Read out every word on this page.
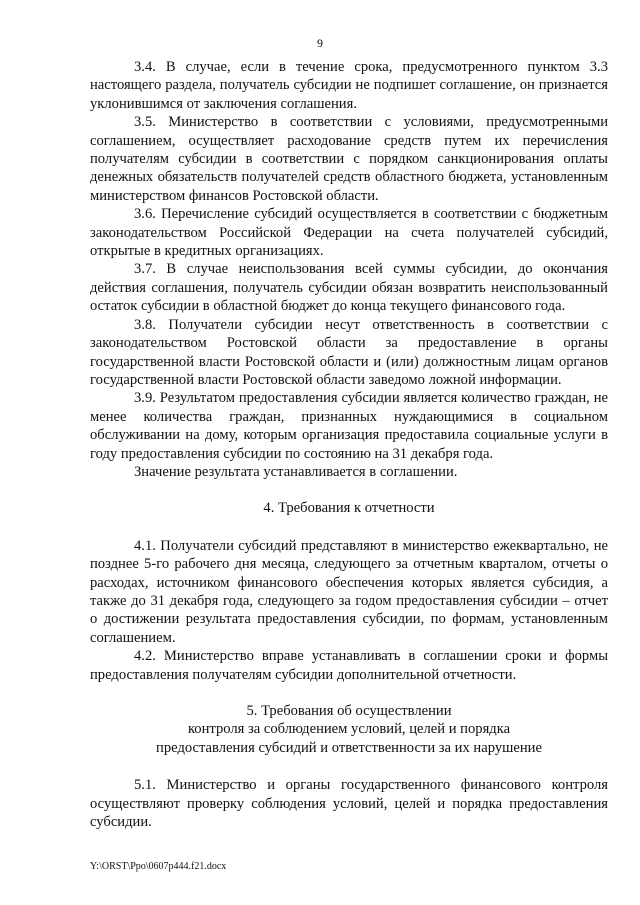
9

3.4. В случае, если в течение срока, предусмотренного пунктом 3.3 настоящего раздела, получатель субсидии не подпишет соглашение, он признается уклонившимся от заключения соглашения.

3.5. Министерство в соответствии с условиями, предусмотренными соглашением, осуществляет расходование средств путем их перечисления получателям субсидии в соответствии с порядком санкционирования оплаты денежных обязательств получателей средств областного бюджета, установленным министерством финансов Ростовской области.

3.6. Перечисление субсидий осуществляется в соответствии с бюджетным законодательством Российской Федерации на счета получателей субсидий, открытые в кредитных организациях.

3.7. В случае неиспользования всей суммы субсидии, до окончания действия соглашения, получатель субсидии обязан возвратить неиспользованный остаток субсидии в областной бюджет до конца текущего финансового года.

3.8. Получатели субсидии несут ответственность в соответствии с законодательством Ростовской области за предоставление в органы государственной власти Ростовской области и (или) должностным лицам органов государственной власти Ростовской области заведомо ложной информации.

3.9. Результатом предоставления субсидии является количество граждан, не менее количества граждан, признанных нуждающимися в социальном обслуживании на дому, которым организация предоставила социальные услуги в году предоставления субсидии по состоянию на 31 декабря года.

Значение результата устанавливается в соглашении.

4. Требования к отчетности

4.1. Получатели субсидий представляют в министерство ежеквартально, не позднее 5-го рабочего дня месяца, следующего за отчетным кварталом, отчеты о расходах, источником финансового обеспечения которых является субсидия, а также до 31 декабря года, следующего за годом предоставления субсидии – отчет о достижении результата предоставления субсидии, по формам, установленным соглашением.

4.2. Министерство вправе устанавливать в соглашении сроки и формы предоставления получателям субсидии дополнительной отчетности.

5. Требования об осуществлении

контроля за соблюдением условий, целей и порядка

предоставления субсидий и ответственности за их нарушение

5.1. Министерство и органы государственного финансового контроля осуществляют проверку соблюдения условий, целей и порядка предоставления субсидии.

Y:\ORST\Ppo\0607p444.f21.docx
